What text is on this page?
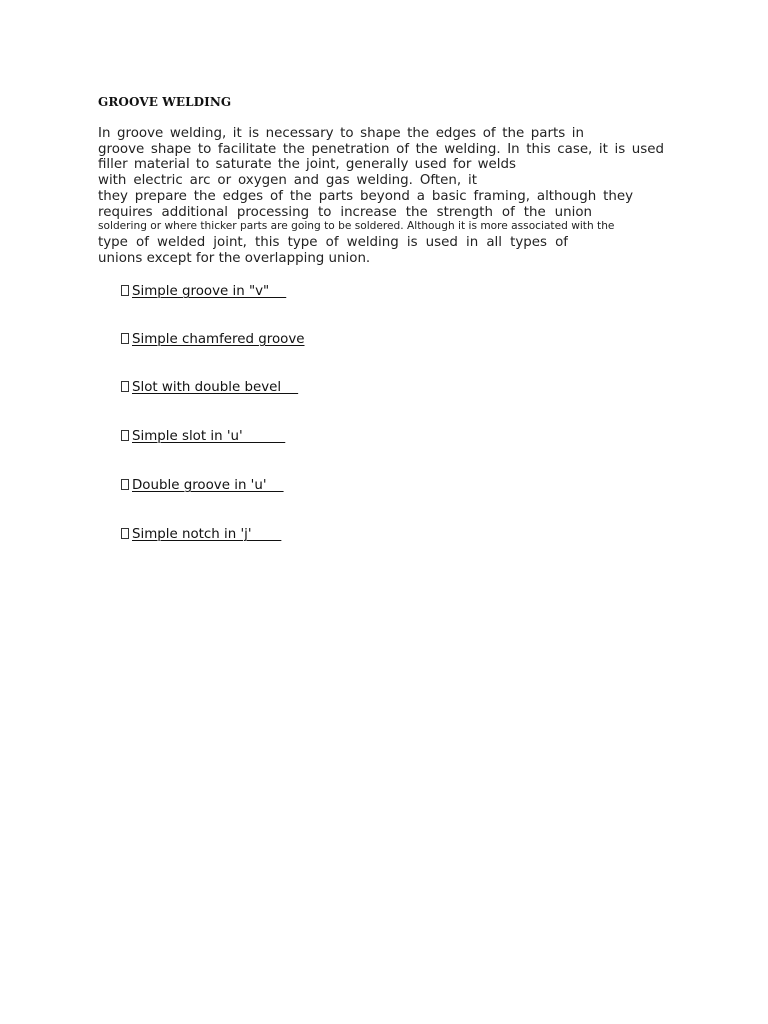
GROOVE WELDING
In groove welding, it is necessary to shape the edges of the parts in
groove shape to facilitate the penetration of the welding. In this case, it is used
filler material to saturate the joint, generally used for welds
with electric arc or oxygen and gas welding. Often, it
they prepare the edges of the parts beyond a basic framing, although they
requires additional processing to increase the strength of the union
soldering or where thicker parts are going to be soldered. Although it is more associated with the
type of welded joint, this type of welding is used in all types of
unions except for the overlapping union.
Simple groove in "v"
Simple chamfered groove
Slot with double bevel
Simple slot in 'u'
Double groove in 'u'
Simple notch in 'j'
